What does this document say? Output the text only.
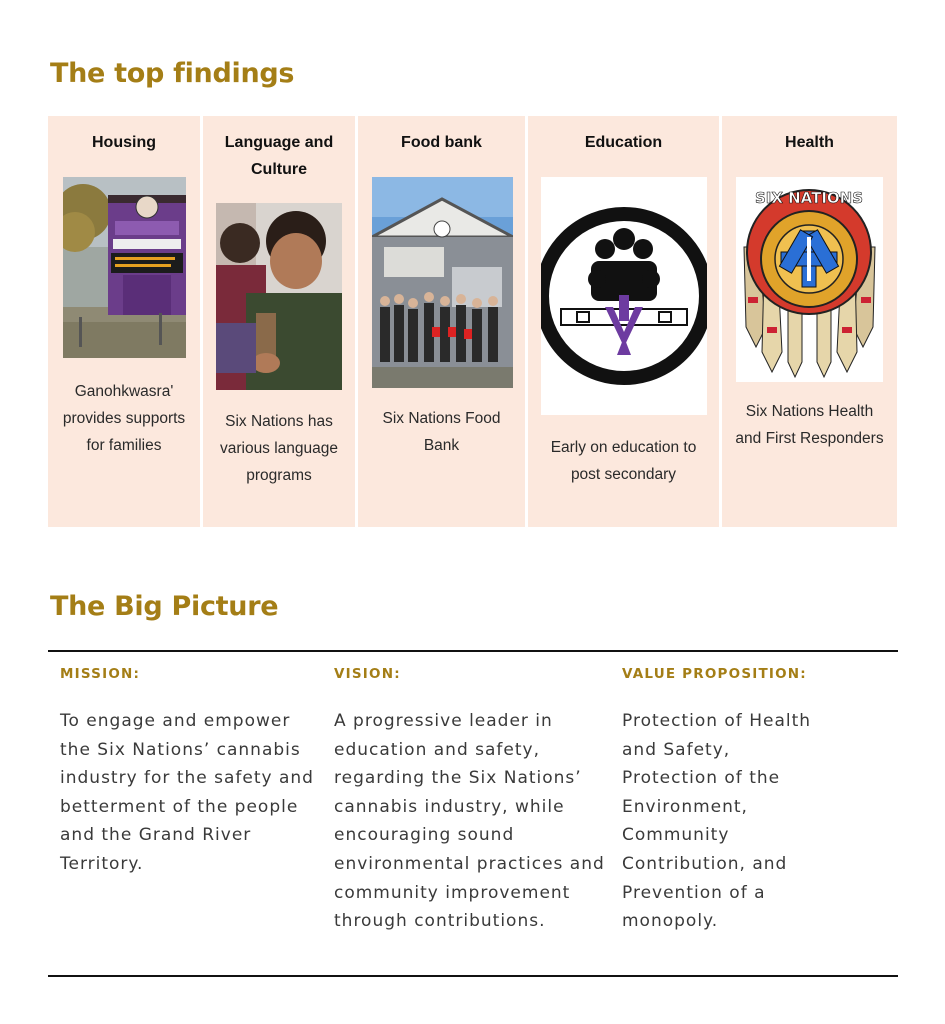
The top findings
Housing
Ganohkwasra' provides supports for families
Language and Culture
Six Nations has various language programs
Food bank
Six Nations Food Bank
Education
Early on education to post secondary
Health
SIX NATIONS
Six Nations Health and First Responders
The Big Picture
MISSION:	VISION:	VALUE PROPOSITION:
To engage and empower the Six Nations’ cannabis industry for the safety and betterment of the people and the Grand River Territory.
A progressive leader in education and safety, regarding the Six Nations’ cannabis industry, while encouraging sound environmental practices and community improvement through contributions.
Protection of Health and Safety, Protection of the Environment, Community Contribution, and Prevention of a monopoly.
